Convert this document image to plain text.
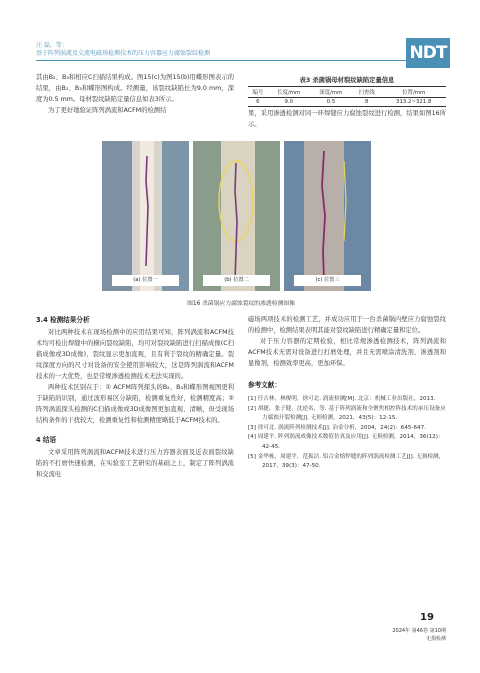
汪 磊，等：
基于阵列涡流及交流电磁场检测技术的压力容器应力腐蚀裂纹检测	NDT

其由B₂、B₃和相应C扫描结果构成。图15(c)为图15(b)用蝶形图表示的结果，由B₂、B₃和蝶形图构成。经测量，该裂纹缺陷长为9.0 mm，深度为0.5 mm。母材裂纹缺陷定量信息如表3所示。

为了更好地验证阵列涡流和ACFM的检测结

表3 杀菌锅母材裂纹缺陷定量信息
编号	长度/mm	深度/mm	扫查线	位置/mm
6	9.0	0.5	8	313.2~321.8

果，采用渗透检测对同一环焊缝应力腐蚀裂纹进行检测，结果如图16所示。

(a) 位置一	(b) 位置二	(c) 位置三
图16 杀菌锅应力腐蚀裂纹的渗透检测图像
3.4 检测结果分析

对比两种技术在现场检测中的应用结果可知，阵列涡流和ACFM技术均可检出焊缝中的横向裂纹缺陷，均可对裂纹缺陷进行扫描成像(C扫描成像或3D成像)，裂纹显示更加直观，且有利于裂纹的精确定量。裂纹深度方向的尺寸对设备的安全使用影响较大，这是阵列涡流和ACFM技术的一大优势，也是常规渗透检测技术无法实现的。

两种技术区别在于：① ACFM阵列探头的B₂、B₃和蝶形图视图更利于缺陷的识别，通过波形易区分缺陷，检测重复性好，检测精度高；② 阵列涡流探头检测的C扫描成像或3D成像图更加直观、清晰，但受现场结构条件的干扰较大，检测重复性和检测精度略低于ACFM技术的。

4 结语

文章采用阵列涡流和ACFM技术进行压力容器表面及近表面裂纹缺陷的不打磨快速检测，在实验室工艺研究的基础之上，制定了阵列涡流和交流电

磁场两项技术的检测工艺，并成功应用于一台杀菌锅内壁应力腐蚀裂纹的检测中，检测结果表明其能对裂纹缺陷进行精确定量和定位。

对于压力容器的定期检验，相比常规渗透检测技术，阵列涡流和ACFM技术无需对设备进行打磨处理，并且无需喷涂清洗剂、渗透剂和显像剂，检测效率更高，更加环保。

参考文献：

[1] 任吉林，林俊明，徐可北. 涡流检测[M]. 北京：机械工业出版社，2013.

[2] 胡捷，张子健，沈逆名，等. 基于阵列涡流和全聚焦相控阵技术的承压设备应力腐蚀开裂检测[J]. 无损检测，2021，43(5)：12-15.

[3] 徐可北. 涡流阵列检测技术[J]. 冶金分析，2004，24(2)：645-647.

[4] 周建平. 阵列涡流成像技术数值仿真及应用[J]. 无损检测，2014，36(12)：42-45.

[5] 金华栋，周建平，范振洁. 铝合金熔焊缝的阵列涡流检测工艺[J]. 无损检测，2017，39(3)：47-50.

19
2024年 第46卷 第10期
无损检测
